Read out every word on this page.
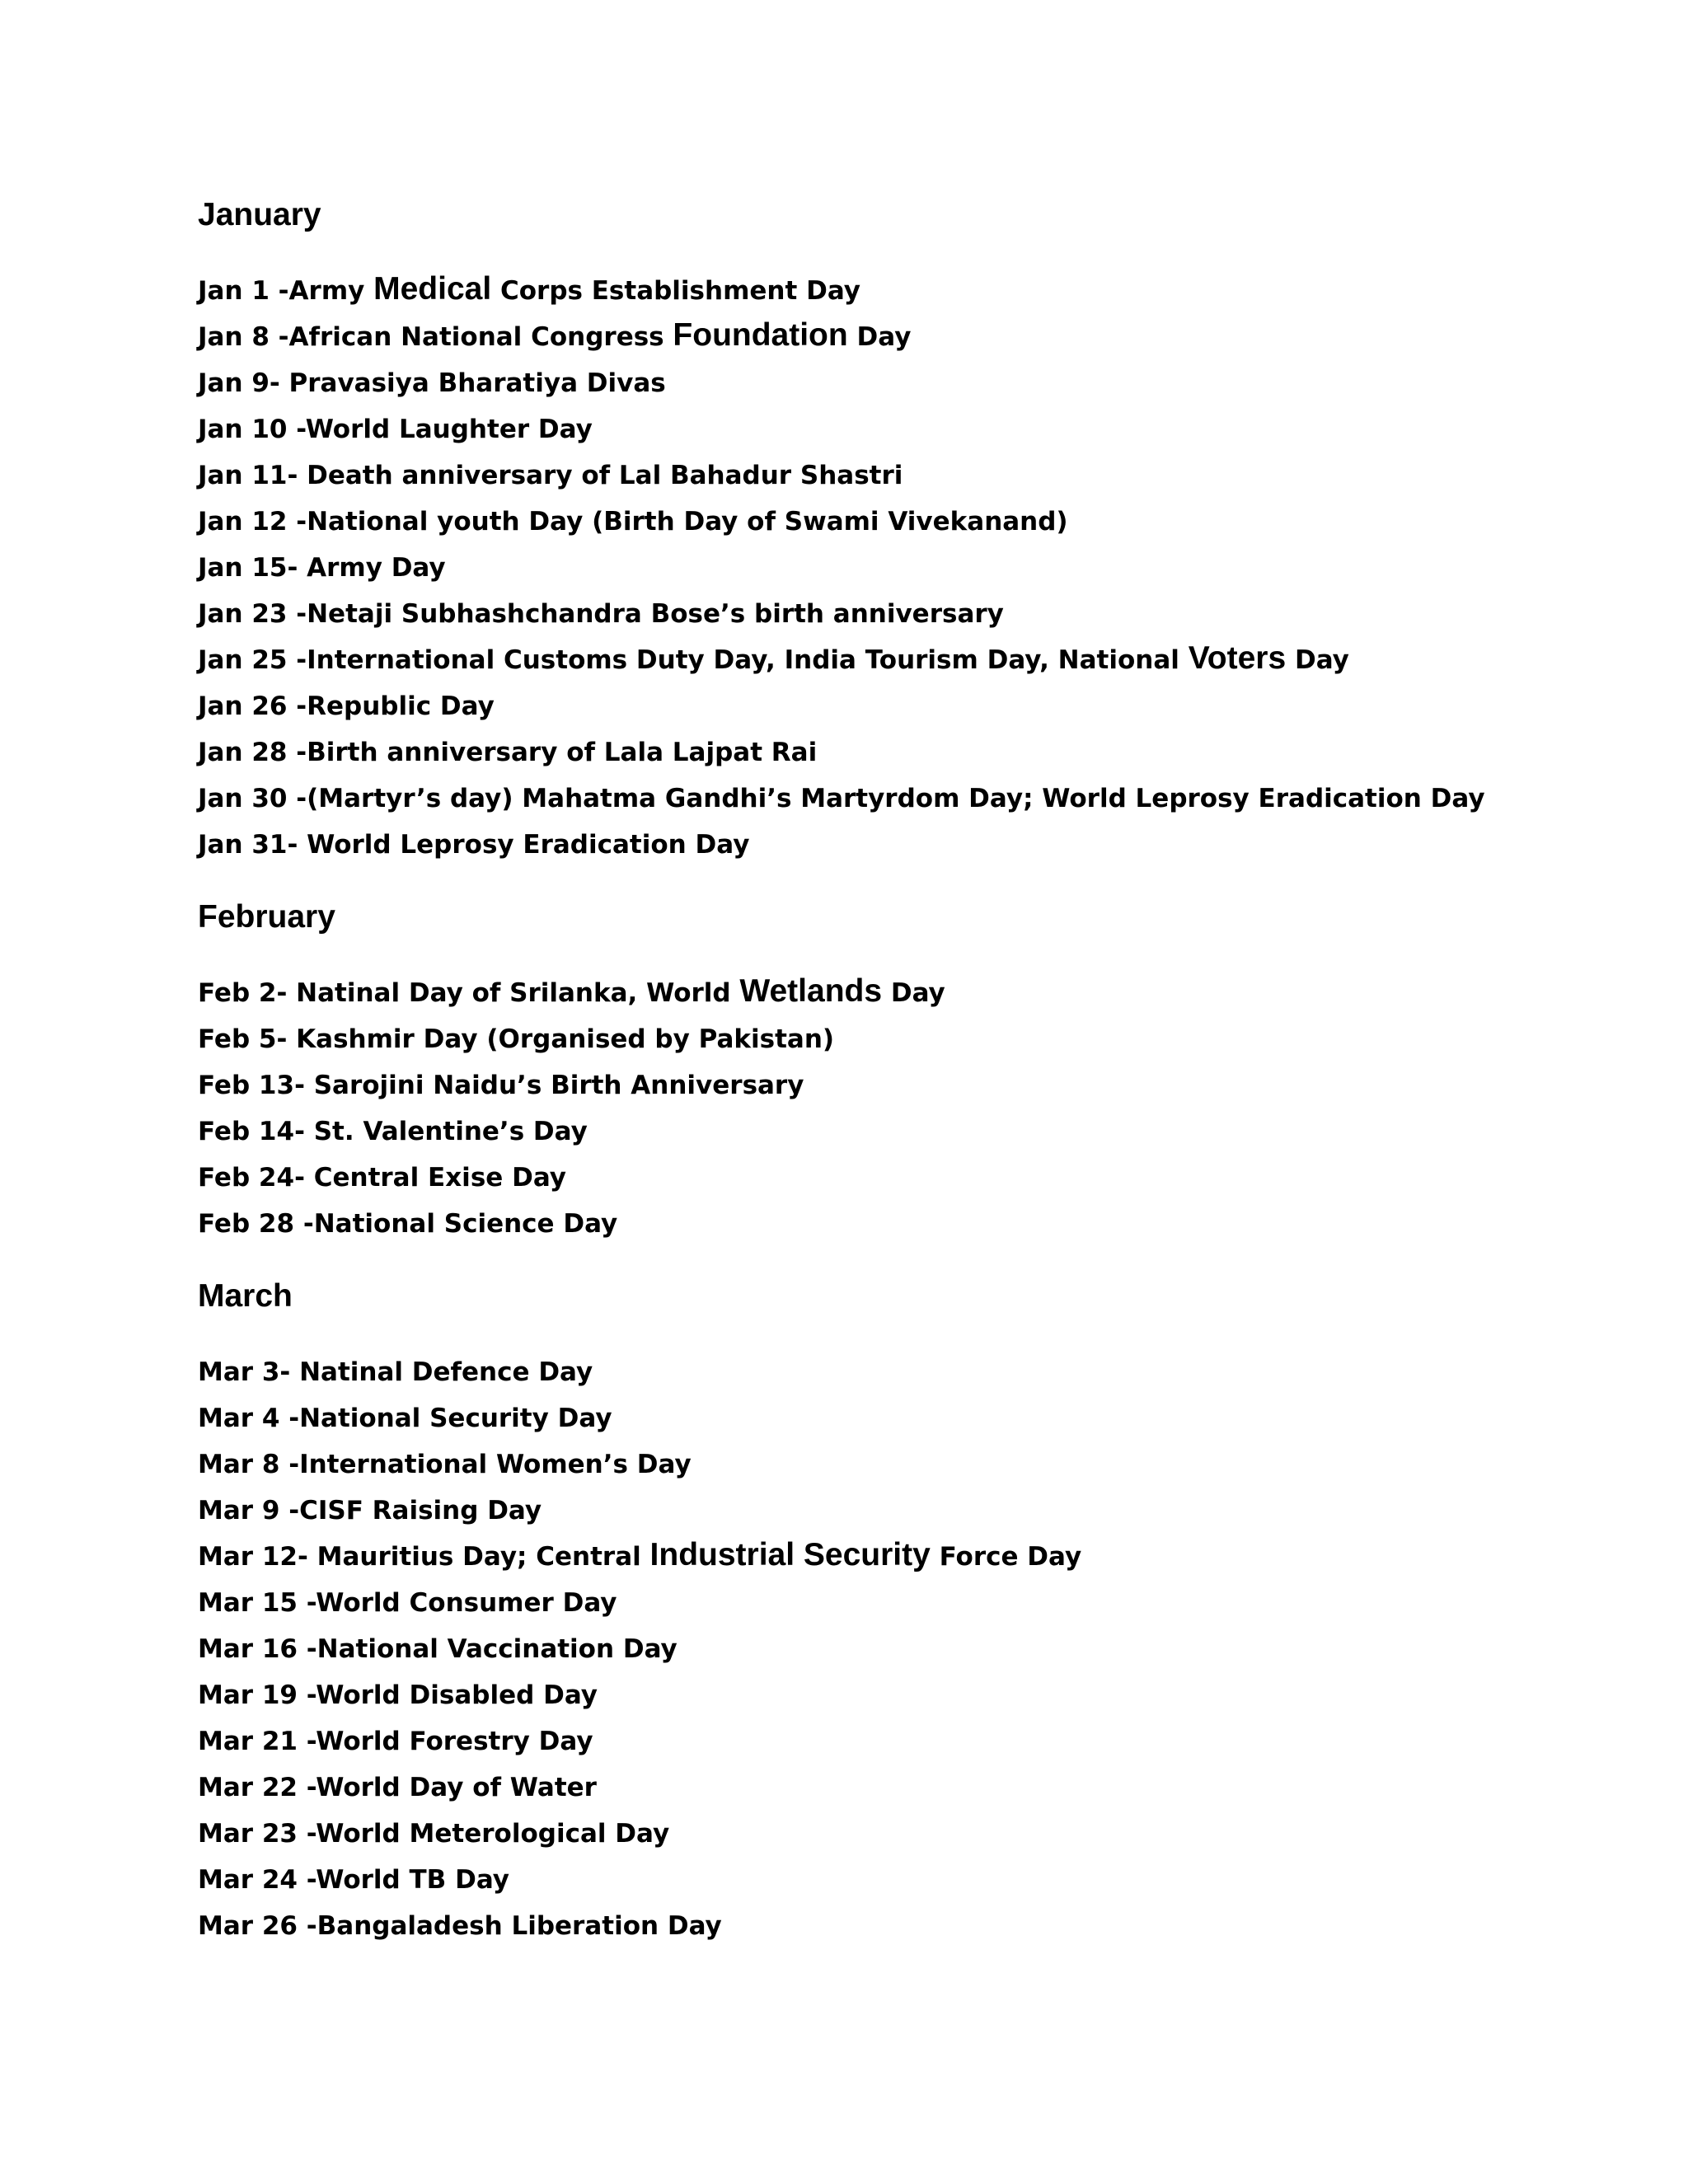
January
Jan 1 -Army Medical Corps Establishment Day
Jan 8 -African National Congress Foundation Day
Jan 9- Pravasiya Bharatiya Divas
Jan 10 -World Laughter Day
Jan 11- Death anniversary of Lal Bahadur Shastri
Jan 12 -National youth Day (Birth Day of Swami Vivekanand)
Jan 15- Army Day
Jan 23 -Netaji Subhashchandra Bose’s birth anniversary
Jan 25 -International Customs Duty Day, India Tourism Day, National Voters Day
Jan 26 -Republic Day
Jan 28 -Birth anniversary of Lala Lajpat Rai
Jan 30 -(Martyr’s day) Mahatma Gandhi’s Martyrdom Day; World Leprosy Eradication Day
Jan 31- World Leprosy Eradication Day
February
Feb 2- Natinal Day of Srilanka, World Wetlands Day
Feb 5- Kashmir Day (Organised by Pakistan)
Feb 13- Sarojini Naidu’s Birth Anniversary
Feb 14- St. Valentine’s Day
Feb 24- Central Exise Day
Feb 28 -National Science Day
March
Mar 3- Natinal Defence Day
Mar 4 -National Security Day
Mar 8 -International Women’s Day
Mar 9 -CISF Raising Day
Mar 12- Mauritius Day; Central Industrial Security Force Day
Mar 15 -World Consumer Day
Mar 16 -National Vaccination Day
Mar 19 -World Disabled Day
Mar 21 -World Forestry Day
Mar 22 -World Day of Water
Mar 23 -World Meterological Day
Mar 24 -World TB Day
Mar 26 -Bangaladesh Liberation Day
